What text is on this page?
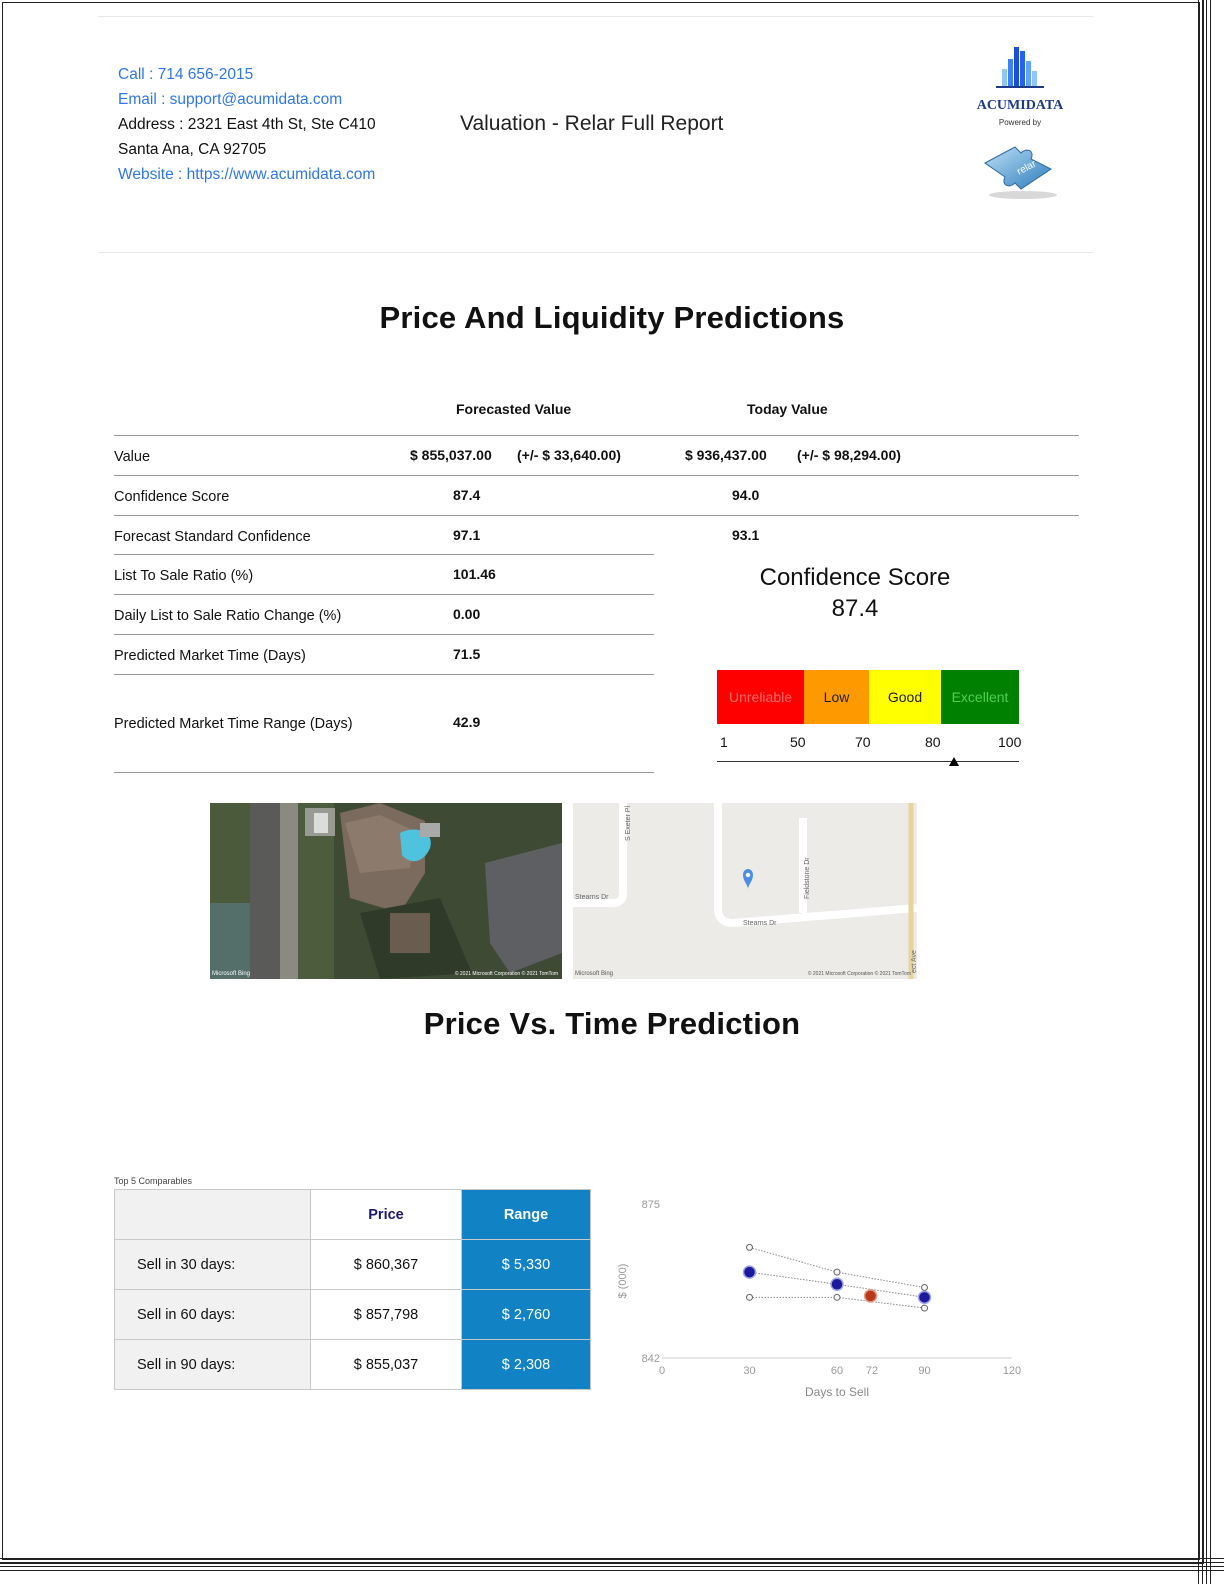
Call : 714 656-2015
Email : support@acumidata.com
Address : 2321 East 4th St, Ste C410
Santa Ana, CA 92705
Website : https://www.acumidata.com
Valuation - Relar Full Report
ACUMIDATA
Powered by
relar
Price And Liquidity Predictions
Forecasted Value	Today Value
Value	$ 855,037.00 (+/- $ 33,640.00)	$ 936,437.00 (+/- $ 98,294.00)
Confidence Score	87.4	94.0
Forecast Standard Confidence	97.1	93.1
List To Sale Ratio (%)	101.46
Daily List to Sale Ratio Change (%)	0.00
Predicted Market Time (Days)	71.5
Predicted Market Time Range (Days)	42.9
Confidence Score
87.4
Unreliable	Low	Good	Excellent
1	50	70	80	100
Microsoft Bing	© 2021 Microsoft Corporation © 2021 TomTom
S Exeter Pl
Stearns Dr
Stearns Dr
Fieldstone Dr
ect Ave
Microsoft Bing	© 2021 Microsoft Corporation © 2021 TomTom
Price Vs. Time Prediction
Top 5 Comparables
	Price	Range
Sell in 30 days:	$ 860,367	$ 5,330
Sell in 60 days:	$ 857,798	$ 2,760
Sell in 90 days:	$ 855,037	$ 2,308	0	30	60 72	90	120
875
842
Days to Sell
$ (000)
